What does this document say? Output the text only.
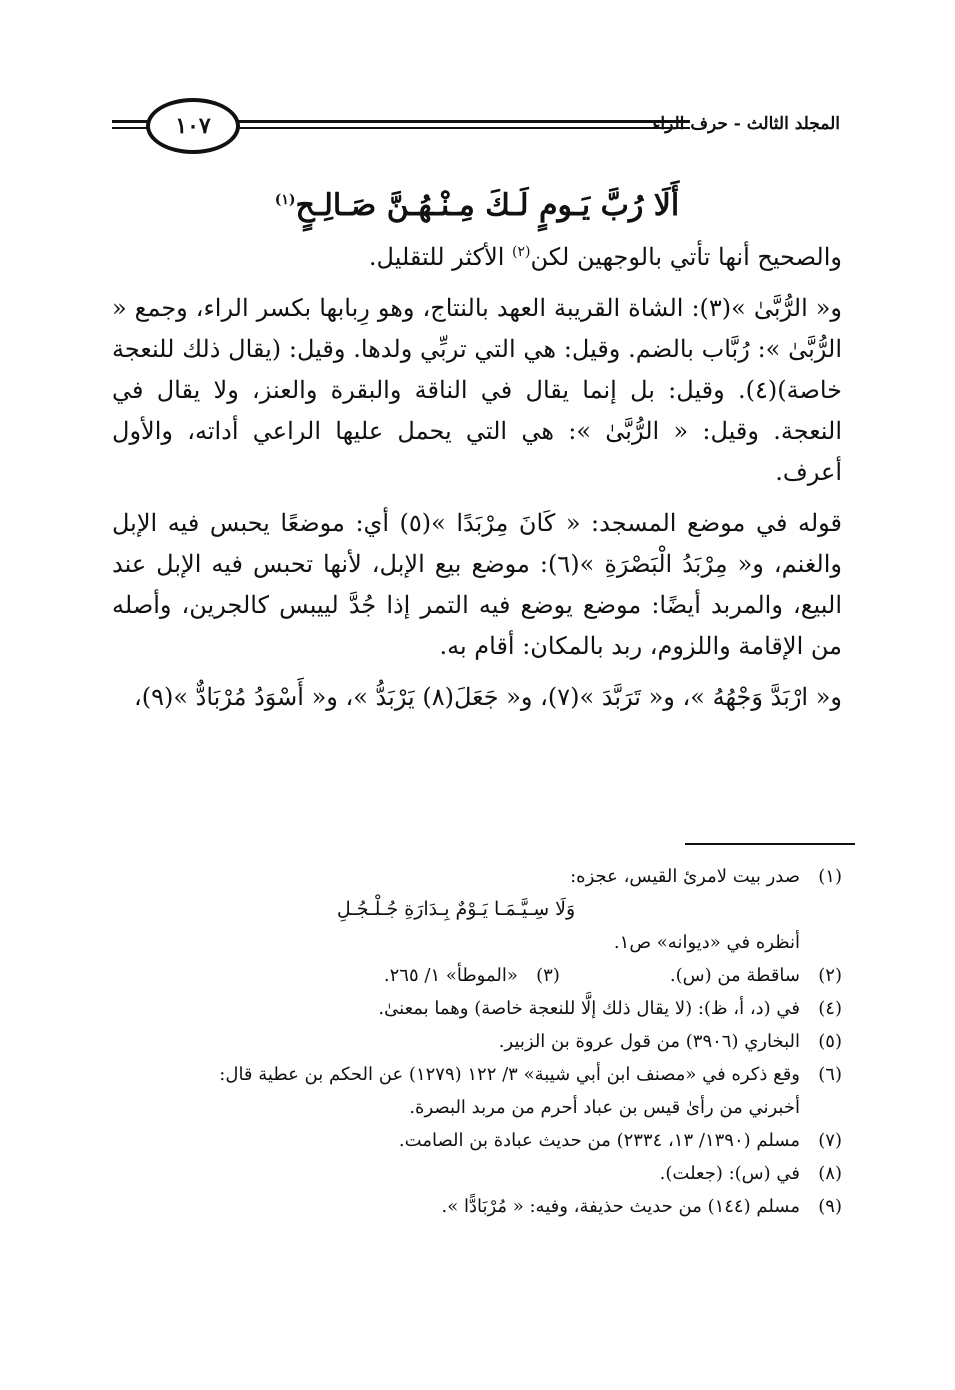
المجلد الثالث - حرف الراء
١٠٧
أَلَا رُبَّ يَـومٍ لَـكَ مِـنْـهُـنَّ صَـالِـحٍ$^{(١)}$

والصحيح أنها تأتي بالوجهين لكن$^{(٢)}$ الأكثر للتقليل.

و« الرُّبَّىٰ »(٣): الشاة القريبة العهد بالنتاج، وهو رِبابها بكسر الراء، وجمع « الرُّبَّىٰ »: رُبَّاب بالضم. وقيل: هي التي تربِّي ولدها. وقيل: (يقال ذلك للنعجة خاصة)(٤). وقيل: بل إنما يقال في الناقة والبقرة والعنز، ولا يقال في النعجة. وقيل: « الرُّبَّىٰ »: هي التي يحمل عليها الراعي أداته، والأول أعرف.

قوله في موضع المسجد: « كَانَ مِرْبَدًا »(٥) أي: موضعًا يحبس فيه الإبل والغنم، و« مِرْبَدُ الْبَصْرَةِ »(٦): موضع بيع الإبل، لأنها تحبس فيه الإبل عند البيع، والمربد أيضًا: موضع يوضع فيه التمر إذا جُدَّ لييبس كالجرين، وأصله من الإقامة واللزوم، ربد بالمكان: أقام به.

و« ارْبَدَّ وَجْهُهُ »، و« تَرَبَّدَ »(٧)، و« جَعَلَ(٨) يَرْبَدُّ »، و« أَسْوَدُ مُرْبَادٌّ »(٩)،

(١)
صدر بيت لامرئ القيس، عجزه:
وَلَا سِـيَّـمَـا يَـوْمٌ بِـدَارَةِ جُـلْـجُـلِ
أنظره في «ديوانه» ص١.
(٢)
ساقطة من (س).
(٣)
«الموطأ» ١/ ٢٦٥.
(٤)
في (د، أ، ظ): (لا يقال ذلك إلَّا للنعجة خاصة) وهما بمعنىٰ.
(٥)
البخاري (٣٩٠٦) من قول عروة بن الزبير.
(٦)
وقع ذكره في «مصنف ابن أبي شيبة» ٣/ ١٢٢ (١٢٧٩) عن الحكم بن عطية قال:
أخبرني من رأىٰ قيس بن عباد أحرم من مربد البصرة.
(٧)
مسلم (١٣٩٠/ ١٣، ٢٣٣٤) من حديث عبادة بن الصامت.
(٨)
في (س): (جعلت).
(٩)
مسلم (١٤٤) من حديث حذيفة، وفيه: « مُرْبَادًّا ».
